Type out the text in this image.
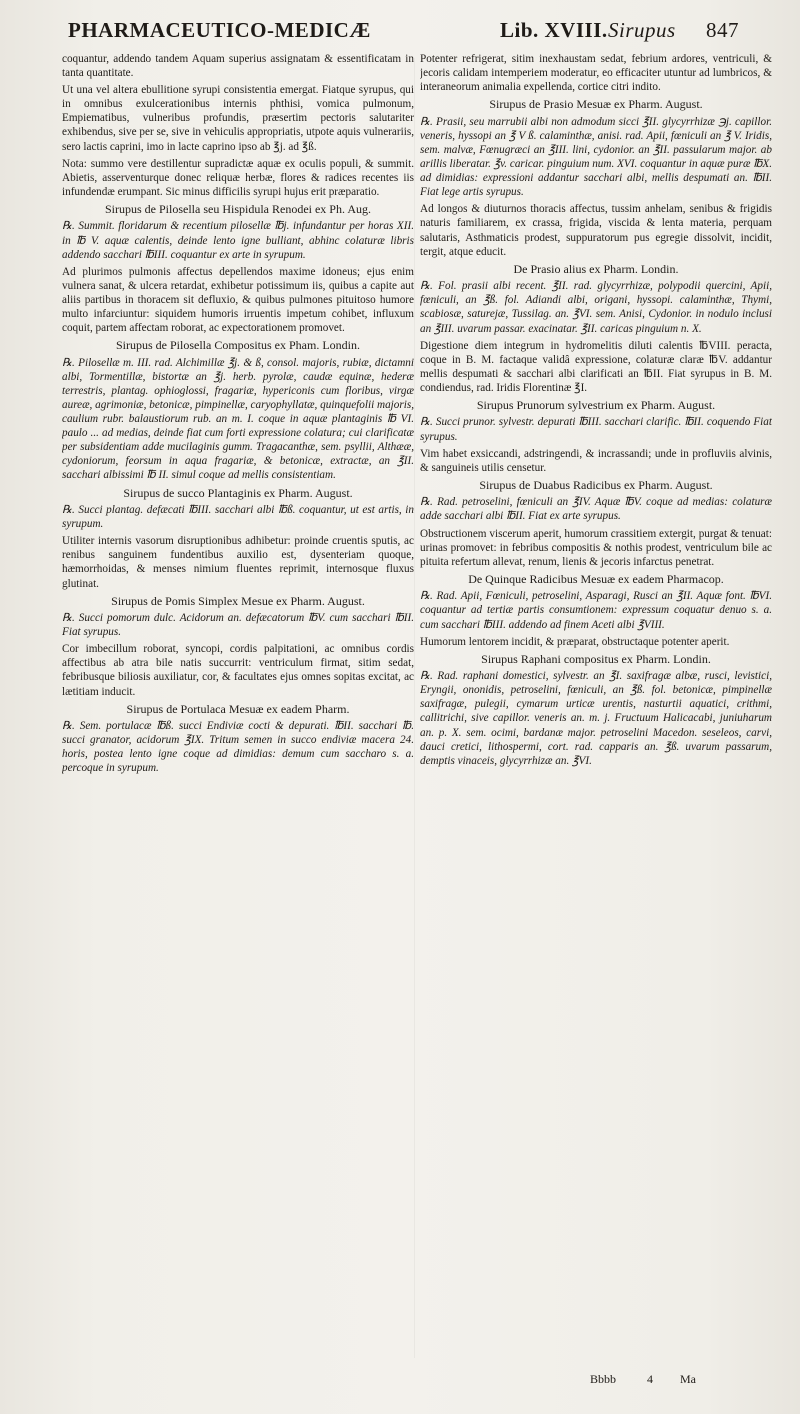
PHARMACEUTICO-MEDICÆ	Lib. XVIII. Sirupus 847

coquantur, addendo tandem Aquam superius assignatam & essentificatam in tanta quantitate.

Ut una vel altera ebullitione syrupi consistentia emergat. Fiatque syrupus, qui in omnibus exulcerationibus internis phthisi, vomica pulmonum, Empiematibus, vulneribus profundis, præsertim pectoris salutariter exhibendus, sive per se, sive in vehiculis appropriatis, utpote aquis vulnerariis, sero lactis caprini, imo in lacte caprino ipso ab ℥j. ad ℥ß.

Nota: summo vere destillentur supradictæ aquæ ex oculis populi, & summit. Abietis, asserventurque donec reliquæ herbæ, flores & radices recentes iis infundendæ erumpant. Sic minus difficilis syrupi hujus erit præparatio.

Sirupus de Pilosella seu Hispidula Renodei ex Ph. Aug.

℞. Summit. floridarum & recentium pilosellæ ℔j. infundantur per horas XII. in ℔ V. aquæ calentis, deinde lento igne bulliant, abhinc colaturæ libris addendo sacchari ℔III. coquantur ex arte in syrupum.

Ad plurimos pulmonis affectus depellendos maxime idoneus; ejus enim vulnera sanat, & ulcera retardat, exhibetur potissimum iis, quibus a capite aut aliis partibus in thoracem sit defluxio, & quibus pulmones pituitoso humore multo infarciuntur: siquidem humoris irruentis impetum cohibet, influxum coquit, partem affectam roborat, ac expectorationem promovet.

Sirupus de Pilosella Compositus ex Pham. Londin.

℞. Pilosellæ m. III. rad. Alchimillæ ℥j. & ß, consol. majoris, rubiæ, dictamni albi, Tormentillæ, bistortæ an ℥j. herb. pyrolæ, caudæ equinæ, hederæ terrestris, plantag. ophioglossi, fragariæ, hypericonis cum floribus, virgæ aureæ, agrimoniæ, betonicæ, pimpinellæ, caryophyllatæ, quinquefolii majoris, caulium rubr. balaustiorum rub. an m. I. coque in aquæ plantaginis ℔ VI. paulo ... ad medias, deinde fiat cum forti expressione colatura; cui clarificatæ per subsidentiam adde mucilaginis gumm. Tragacanthæ, sem. psyllii, Althææ, cydoniorum, feorsum in aqua fragariæ, & betonicæ, extractæ, an ℥II. sacchari albissimi ℔ II. simul coque ad mellis consistentiam.

Sirupus de succo Plantaginis ex Pharm. August.

℞. Succi plantag. defæcati ℔III. sacchari albi ℔ß. coquantur, ut est artis, in syrupum.

Utiliter internis vasorum disruptionibus adhibetur: proinde cruentis sputis, ac renibus sanguinem fundentibus auxilio est, dysenteriam quoque, hæmorrhoidas, & menses nimium fluentes reprimit, internosque fluxus glutinat.

Sirupus de Pomis Simplex Mesue ex Pharm. August.

℞. Succi pomorum dulc. Acidorum an. defæcatorum ℔V. cum sacchari ℔II. Fiat syrupus.

Cor imbecillum roborat, syncopi, cordis palpitationi, ac omnibus cordis affectibus ab atra bile natis succurrit: ventriculum firmat, sitim sedat, febribusque biliosis auxiliatur, cor, & facultates ejus omnes sopitas excitat, ac lætitiam inducit.

Sirupus de Portulaca Mesuæ ex eadem Pharm.

℞. Sem. portulacæ ℔ß. succi Endiviæ cocti & depurati. ℔II. sacchari ℔. succi granator, acidorum ℥IX. Tritum semen in succo endiviæ macera 24. horis, postea lento igne coque ad dimidias: demum cum saccharo s. a. percoque in syrupum.

Potenter refrigerat, sitim inexhaustam sedat, febrium ardores, ventriculi, & jecoris calidam intemperiem moderatur, eo efficaciter utuntur ad lumbricos, & interaneorum animalia expellenda, cortice citri indito.

Sirupus de Prasio Mesuæ ex Pharm. August.

℞. Prasii, seu marrubii albi non admodum sicci ℥II. glycyrrhizæ ℈j. capillor. veneris, hyssopi an ℥ V ß. calaminthæ, anisi. rad. Apii, fœniculi an ℥ V. Iridis, sem. malvæ, Fœnugræci an ℥III. lini, cydonior. an ℥II. passularum major. ab arillis liberatar. ℥v. caricar. pinguium num. XVI. coquantur in aquæ puræ ℔X. ad dimidias: expressioni addantur sacchari albi, mellis despumati an. ℔II. Fiat lege artis syrupus.

Ad longos & diuturnos thoracis affectus, tussim anhelam, senibus & frigidis naturis familiarem, ex crassa, frigida, viscida & lenta materia, perquam salutaris, Asthmaticis prodest, suppuratorum pus egregie dissolvit, incidit, tergit, atque educit.

De Prasio alius ex Pharm. Londin.

℞. Fol. prasii albi recent. ℥II. rad. glycyrrhizæ, polypodii quercini, Apii, fœniculi, an ℥ß. fol. Adiandi albi, origani, hyssopi. calaminthæ, Thymi, scabiosæ, saturejæ, Tussilag. an. ℥VI. sem. Anisi, Cydonior. in nodulo inclusi an ℥III. uvarum passar. exacinatar. ℥II. caricas pinguium n. X.

Digestione diem integrum in hydromelitis diluti calentis ℔VIII. peracta, coque in B. M. factaque validâ expressione, colaturæ claræ ℔V. addantur mellis despumati & sacchari albi clarificati an ℔II. Fiat syrupus in B. M. condiendus, rad. Iridis Florentinæ ℥I.

Sirupus Prunorum sylvestrium ex Pharm. August.

℞. Succi prunor. sylvestr. depurati ℔III. sacchari clarific. ℔II. coquendo Fiat syrupus.

Vim habet exsiccandi, adstringendi, & incrassandi; unde in profluviis alvinis, & sanguineis utilis censetur.

Sirupus de Duabus Radicibus ex Pharm. August.

℞. Rad. petroselini, fœniculi an ℥IV. Aquæ ℔V. coque ad medias: colaturæ adde sacchari albi ℔II. Fiat ex arte syrupus.

Obstructionem viscerum aperit, humorum crassitiem extergit, purgat & tenuat: urinas promovet: in febribus compositis & nothis prodest, ventriculum bile ac pituita refertum allevat, renum, lienis & jecoris infarctus penetrat.

De Quinque Radicibus Mesuæ ex eadem Pharmacop.

℞. Rad. Apii, Fœniculi, petroselini, Asparagi, Rusci an ℥II. Aquæ font. ℔VI. coquantur ad tertiæ partis consumtionem: expressum coquatur denuo s. a. cum sacchari ℔III. addendo ad finem Aceti albi ℥VIII.

Humorum lentorem incidit, & præparat, obstructaque potenter aperit.

Sirupus Raphani compositus ex Pharm. Londin.

℞. Rad. raphani domestici, sylvestr. an ℥I. saxifragæ albæ, rusci, levistici, Eryngii, ononidis, petroselini, fœniculi, an ℥ß. fol. betonicæ, pimpinellæ saxifragæ, pulegii, cymarum urticæ urentis, nasturtii aquatici, crithmi, callitrichi, sive capillor. veneris an. m. j. Fructuum Halicacabi, juniuharum an. p. X. sem. ocimi, bardanæ major. petroselini Macedon. seseleos, carvi, dauci cretici, lithospermi, cort. rad. capparis an. ℥ß. uvarum passarum, demptis vinaceis, glycyrrhizæ an. ℥VI.

Bbbb	4 Ma
